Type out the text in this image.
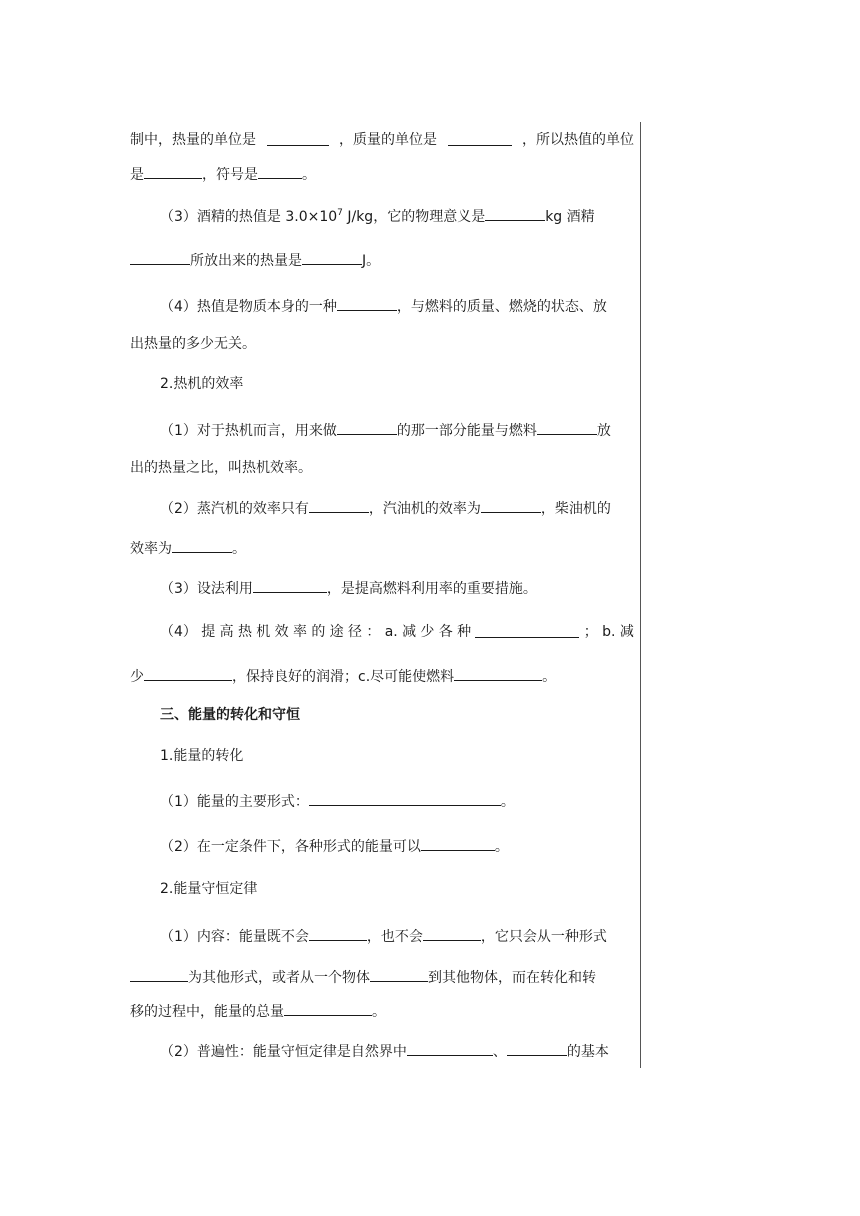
制中，热量的单位是	，质量的单位是	，所以热值的单位
是	，符号是	。
（3）酒精的热值是 $3.0\times 10^7$ J/kg，它的物理意义是	kg 酒精
所放出来的热量是	J。
（4）热值是物质本身的一种	，与燃料的质量、燃烧的状态、放
出热量的多少无关。
2.热机的效率
（1）对于热机而言，用来做	的那一部分能量与燃料	放
出的热量之比，叫热机效率。
（2）蒸汽机的效率只有	，汽油机的效率为	，柴油机的
效率为	。
（3）设法利用	，是提高燃料利用率的重要措施。
（4） 提 高 热 机 效 率 的 途 径 ： a. 减 少 各 种	； b. 减
少	，保持良好的润滑；c.尽可能使燃料	。
三、能量的转化和守恒
1.能量的转化
（1）能量的主要形式：	。
（2）在一定条件下，各种形式的能量可以	。
2.能量守恒定律
（1）内容：能量既不会	，也不会	，它只会从一种形式
为其他形式，或者从一个物体	到其他物体，而在转化和转
移的过程中，能量的总量	。
（2）普遍性：能量守恒定律是自然界中	、	的基本
